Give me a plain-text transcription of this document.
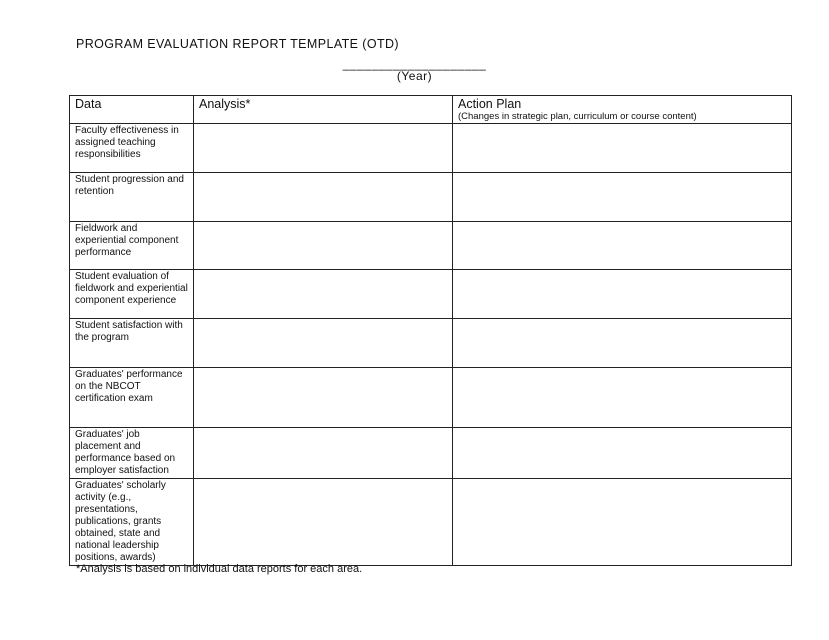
PROGRAM EVALUATION REPORT TEMPLATE (OTD)
____________________
(Year)
Data	Analysis*	Action Plan
(Changes in strategic plan, curriculum or course content)

Faculty effectiveness in assigned teaching responsibilities		
Student progression and retention		
Fieldwork and experiential component performance		
Student evaluation of fieldwork and experiential component experience		
Student satisfaction with the program		
Graduates' performance on the NBCOT certification exam		
Graduates' job placement and performance based on employer satisfaction		
Graduates' scholarly activity (e.g., presentations, publications, grants obtained, state and national leadership positions, awards)		
*Analysis is based on individual data reports for each area.
